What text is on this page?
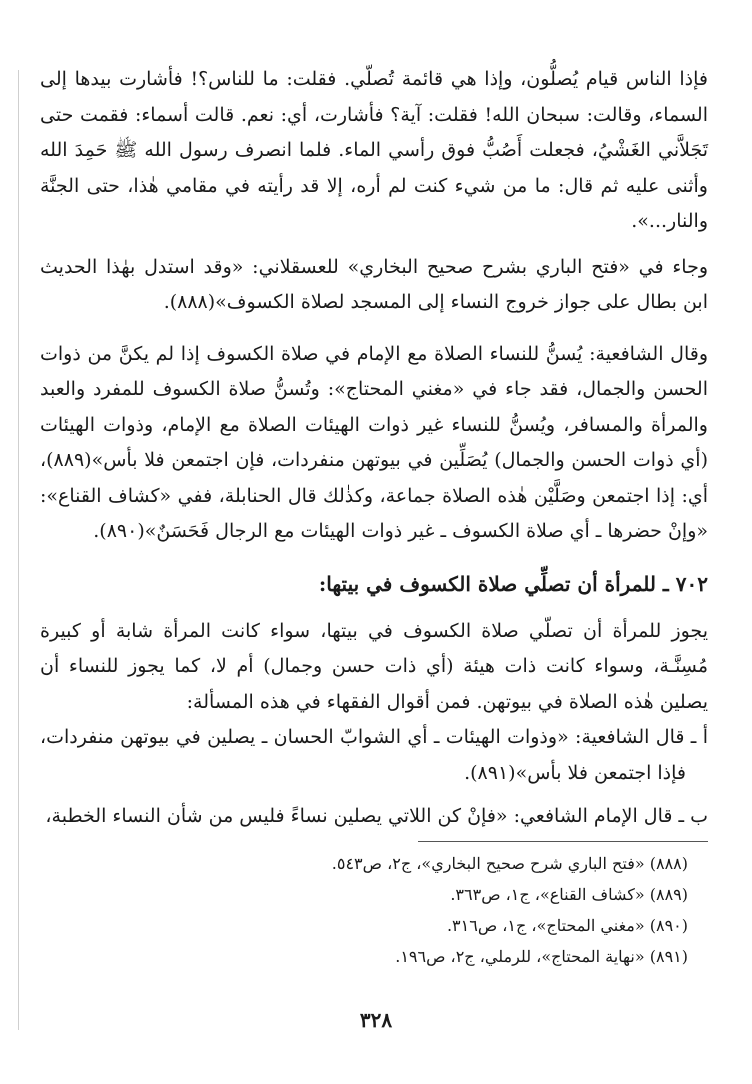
فإذا الناس قيام يُصلُّون، وإذا هي قائمة تُصلّي. فقلت: ما للناس؟! فأشارت بيدها إلى السماء، وقالت: سبحان الله! فقلت: آية؟ فأشارت، أي: نعم. قالت أسماء: فقمت حتى تَجَلاَّني الغَشْيُ، فجعلت أَصُبُّ فوق رأسي الماء. فلما انصرف رسول الله ﷺ حَمِدَ الله وأثنى عليه ثم قال: ما من شيء كنت لم أره، إلا قد رأيته في مقامي هٰذا، حتى الجنَّة والنار...».

وجاء في «فتح الباري بشرح صحيح البخاري» للعسقلاني: «وقد استدل بهٰذا الحديث ابن بطال على جواز خروج النساء إلى المسجد لصلاة الكسوف»(٨٨٨).

وقال الشافعية: يُسنُّ للنساء الصلاة مع الإمام في صلاة الكسوف إذا لم يكنَّ من ذوات الحسن والجمال، فقد جاء في «مغني المحتاج»: وتُسنُّ صلاة الكسوف للمفرد والعبد والمرأة والمسافر، ويُسنُّ للنساء غير ذوات الهيئات الصلاة مع الإمام، وذوات الهيئات (أي ذوات الحسن والجمال) يُصَلِّين في بيوتهن منفردات، فإن اجتمعن فلا بأس»(٨٨٩)، أي: إذا اجتمعن وصَلَّيْن هٰذه الصلاة جماعة، وكذٰلك قال الحنابلة، ففي «كشاف القناع»: «وإنْ حضرها ـ أي صلاة الكسوف ـ غير ذوات الهيئات مع الرجال فَحَسَنٌ»(٨٩٠).

٧٠٢ ـ للمرأة أن تصلِّي صلاة الكسوف في بيتها:

يجوز للمرأة أن تصلّي صلاة الكسوف في بيتها، سواء كانت المرأة شابة أو كبيرة مُسِنَّـة، وسواء كانت ذات هيئة (أي ذات حسن وجمال) أم لا، كما يجوز للنساء أن يصلين هٰذه الصلاة في بيوتهن. فمن أقوال الفقهاء في هذه المسألة:

أ ـ قال الشافعية: «وذوات الهيئات ـ أي الشوابّ الحسان ـ يصلين في بيوتهن منفردات، فإذا اجتمعن فلا بأس»(٨٩١).

ب ـ قال الإمام الشافعي: «فإنْ كن اللاتي يصلين نساءً فليس من شأن النساء الخطبة،

(٨٨٨) «فتح الباري شرح صحيح البخاري»، ج٢، ص٥٤٣.

(٨٨٩) «كشاف القناع»، ج١، ص٣٦٣.

(٨٩٠) «مغني المحتاج»، ج١، ص٣١٦.

(٨٩١) «نهاية المحتاج»، للرملي، ج٢، ص١٩٦.

٣٢٨
